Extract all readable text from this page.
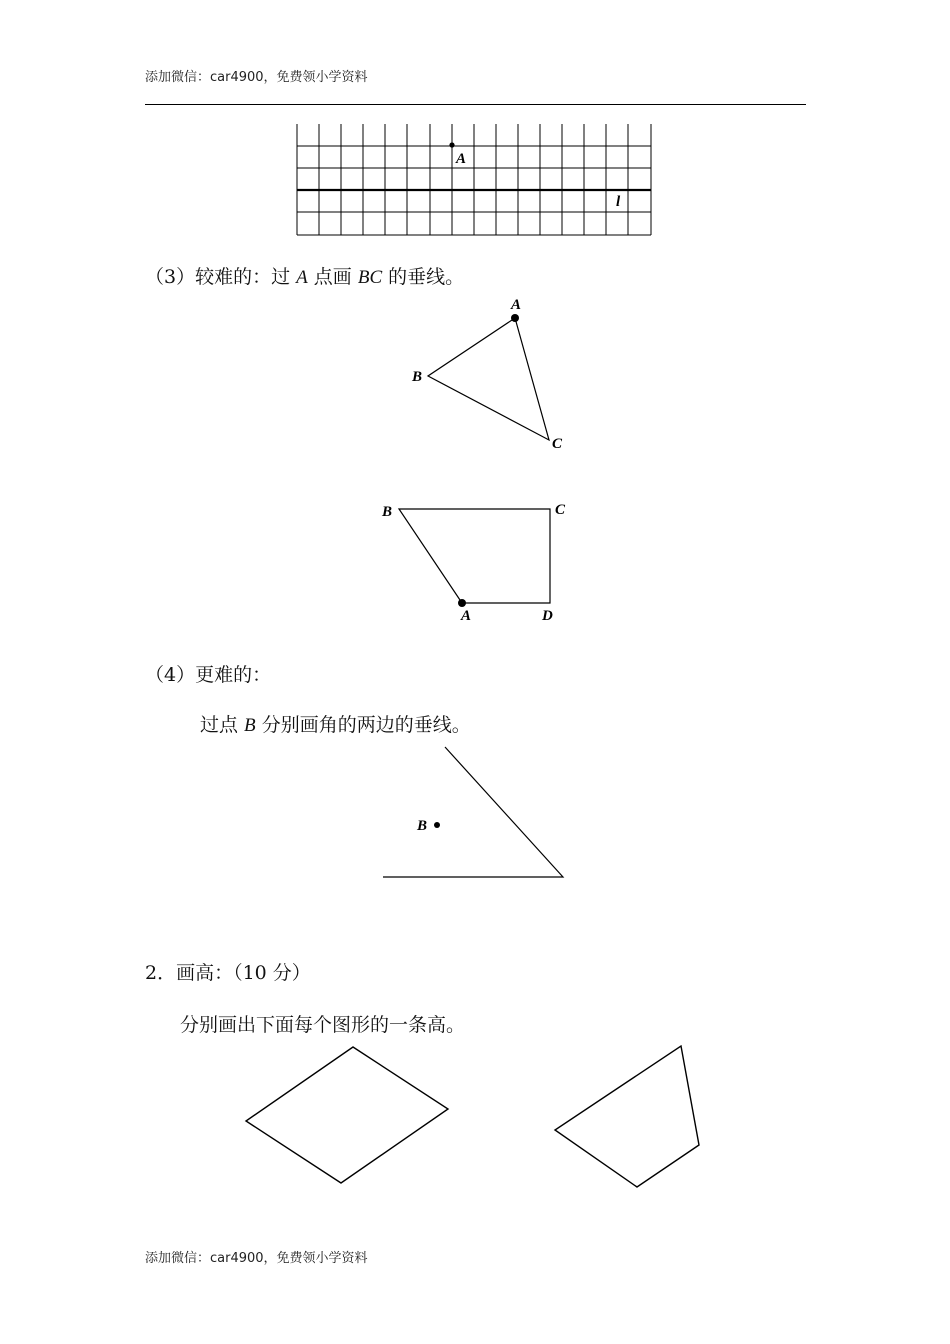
添加微信：car4900，免费领小学资料
A
l
A
B
C
B	C
A	D
B
（3）较难的：过 A 点画 BC 的垂线。
（4）更难的：
过点 B 分别画角的两边的垂线。
2．画高：（10 分）
分别画出下面每个图形的一条高。
添加微信：car4900，免费领小学资料
